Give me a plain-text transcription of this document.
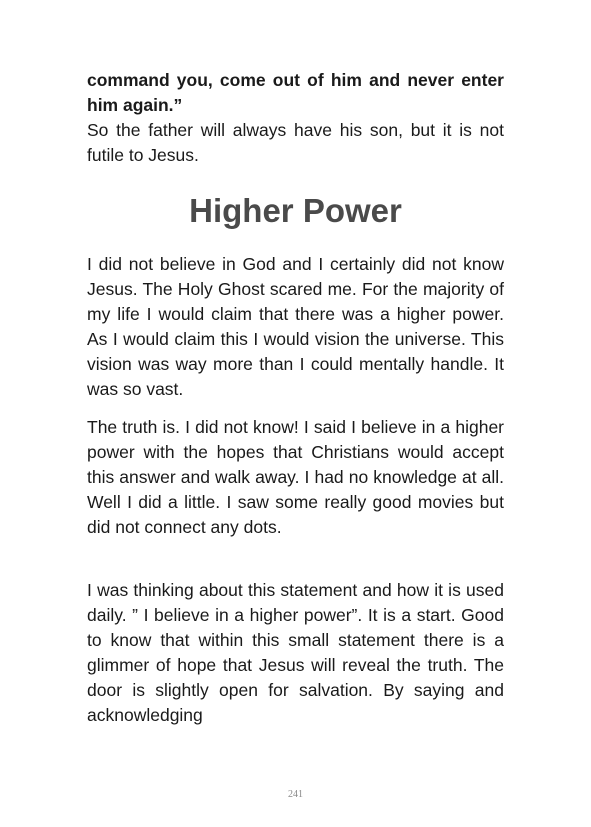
command you, come out of him and never enter him again.”

So the father will always have his son, but it is not futile to Jesus.

Higher Power

I did not believe in God and I certainly did not know Jesus. The Holy Ghost scared me. For the majority of my life I would claim that there was a higher power. As I would claim this I would vision the universe. This vision was way more than I could mentally handle. It was so vast.

The truth is. I did not know! I said I believe in a higher power with the hopes that Christians would accept this answer and walk away. I had no knowledge at all. Well I did a little. I saw some really good movies but did not connect any dots.

I was thinking about this statement and how it is used daily. ” I believe in a higher power”. It is a start. Good to know that within this small statement there is a glimmer of hope that Jesus will reveal the truth. The door is slightly open for salvation. By saying and acknowledging

241
